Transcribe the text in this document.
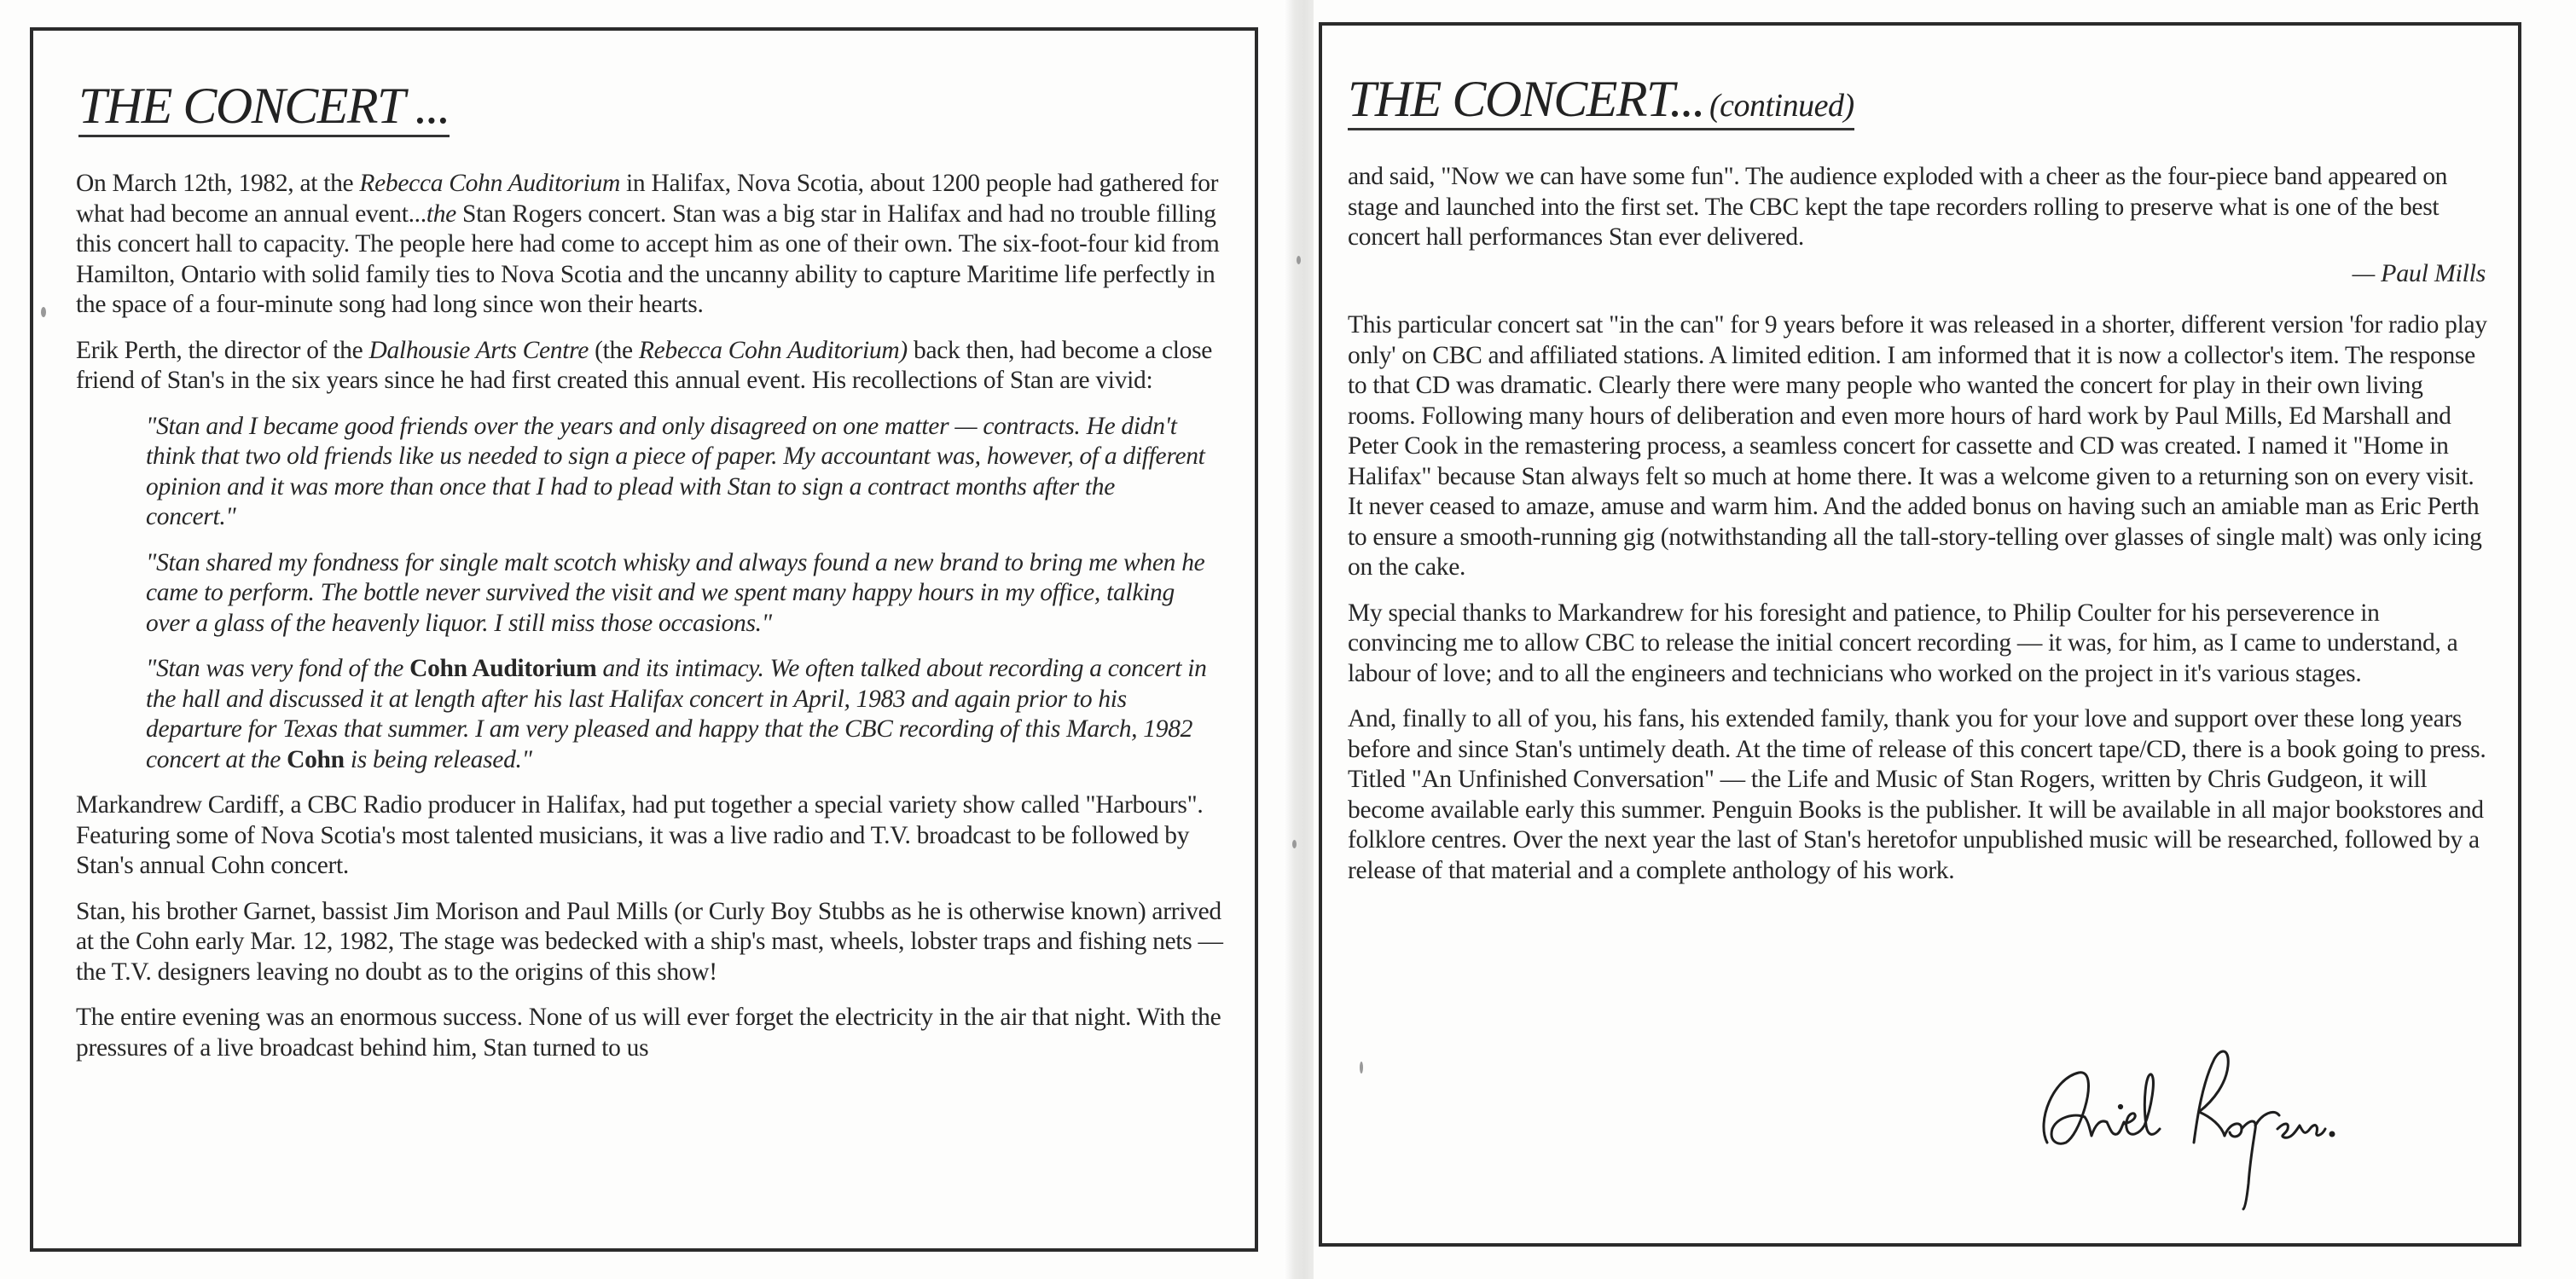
THE CONCERT ...

On March 12th, 1982, at the Rebecca Cohn Auditorium in Halifax, Nova Scotia, about 1200 people had gathered for what had become an annual event...the Stan Rogers concert. Stan was a big star in Halifax and had no trouble filling this concert hall to capacity. The people here had come to accept him as one of their own. The six-foot-four kid from Hamilton, Ontario with solid family ties to Nova Scotia and the uncanny ability to capture Maritime life perfectly in the space of a four-minute song had long since won their hearts.

Erik Perth, the director of the Dalhousie Arts Centre (the Rebecca Cohn Auditorium) back then, had become a close friend of Stan's in the six years since he had first created this annual event. His recollections of Stan are vivid:

"Stan and I became good friends over the years and only disagreed on one matter — contracts. He didn't think that two old friends like us needed to sign a piece of paper. My accountant was, however, of a different opinion and it was more than once that I had to plead with Stan to sign a contract months after the concert."

"Stan shared my fondness for single malt scotch whisky and always found a new brand to bring me when he came to perform. The bottle never survived the visit and we spent many happy hours in my office, talking over a glass of the heavenly liquor. I still miss those occasions."

"Stan was very fond of the Cohn Auditorium and its intimacy. We often talked about recording a concert in the hall and discussed it at length after his last Halifax concert in April, 1983 and again prior to his departure for Texas that summer. I am very pleased and happy that the CBC recording of this March, 1982 concert at the Cohn is being released."

Markandrew Cardiff, a CBC Radio producer in Halifax, had put together a special variety show called "Harbours". Featuring some of Nova Scotia's most talented musicians, it was a live radio and T.V. broadcast to be followed by Stan's annual Cohn concert.

Stan, his brother Garnet, bassist Jim Morison and Paul Mills (or Curly Boy Stubbs as he is otherwise known) arrived at the Cohn early Mar. 12, 1982, The stage was bedecked with a ship's mast, wheels, lobster traps and fishing nets — the T.V. designers leaving no doubt as to the origins of this show!

The entire evening was an enormous success. None of us will ever forget the electricity in the air that night. With the pressures of a live broadcast behind him, Stan turned to us

THE CONCERT... (continued)

and said, "Now we can have some fun". The audience exploded with a cheer as the four-piece band appeared on stage and launched into the first set. The CBC kept the tape recorders rolling to preserve what is one of the best concert hall performances Stan ever delivered.

— Paul Mills

This particular concert sat "in the can" for 9 years before it was released in a shorter, different version 'for radio play only' on CBC and affiliated stations. A limited edition. I am informed that it is now a collector's item. The response to that CD was dramatic. Clearly there were many people who wanted the concert for play in their own living rooms. Following many hours of deliberation and even more hours of hard work by Paul Mills, Ed Marshall and Peter Cook in the remastering process, a seamless concert for cassette and CD was created. I named it "Home in Halifax" because Stan always felt so much at home there. It was a welcome given to a returning son on every visit. It never ceased to amaze, amuse and warm him. And the added bonus on having such an amiable man as Eric Perth to ensure a smooth-running gig (notwithstanding all the tall-story-telling over glasses of single malt) was only icing on the cake.

My special thanks to Markandrew for his foresight and patience, to Philip Coulter for his perseverence in convincing me to allow CBC to release the initial concert recording — it was, for him, as I came to understand, a labour of love; and to all the engineers and technicians who worked on the project in it's various stages.

And, finally to all of you, his fans, his extended family, thank you for your love and support over these long years before and since Stan's untimely death. At the time of release of this concert tape/CD, there is a book going to press. Titled "An Unfinished Conversation" — the Life and Music of Stan Rogers, written by Chris Gudgeon, it will become available early this summer. Penguin Books is the publisher. It will be available in all major bookstores and folklore centres. Over the next year the last of Stan's heretofor unpublished music will be researched, followed by a release of that material and a complete anthology of his work.
